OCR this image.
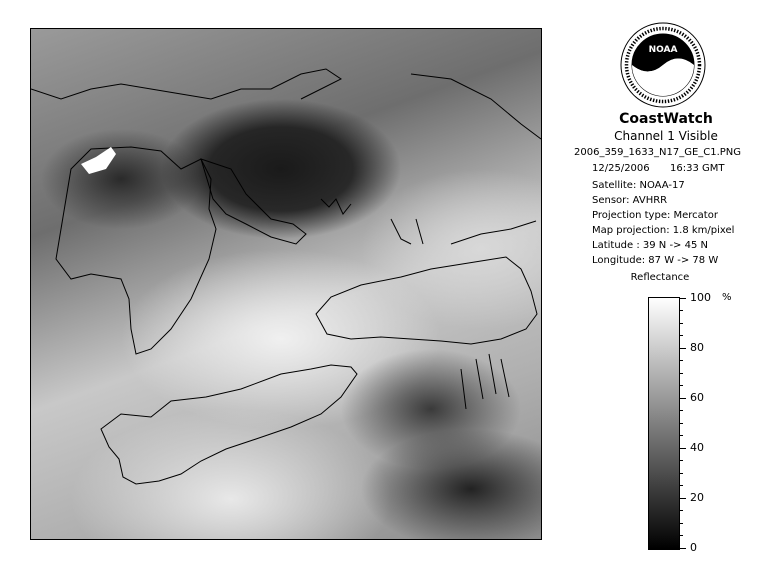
NOAA
CoastWatch
Channel 1 Visible
2006_359_1633_N17_GE_C1.PNG
12/25/2006 16:33 GMT
Satellite: NOAA-17
Sensor: AVHRR
Projection type: Mercator
Map projection: 1.8 km/pixel
Latitude : 39 N -> 45 N
Longitude: 87 W -> 78 W
Reflectance
%
100
80
60
40
20
0
